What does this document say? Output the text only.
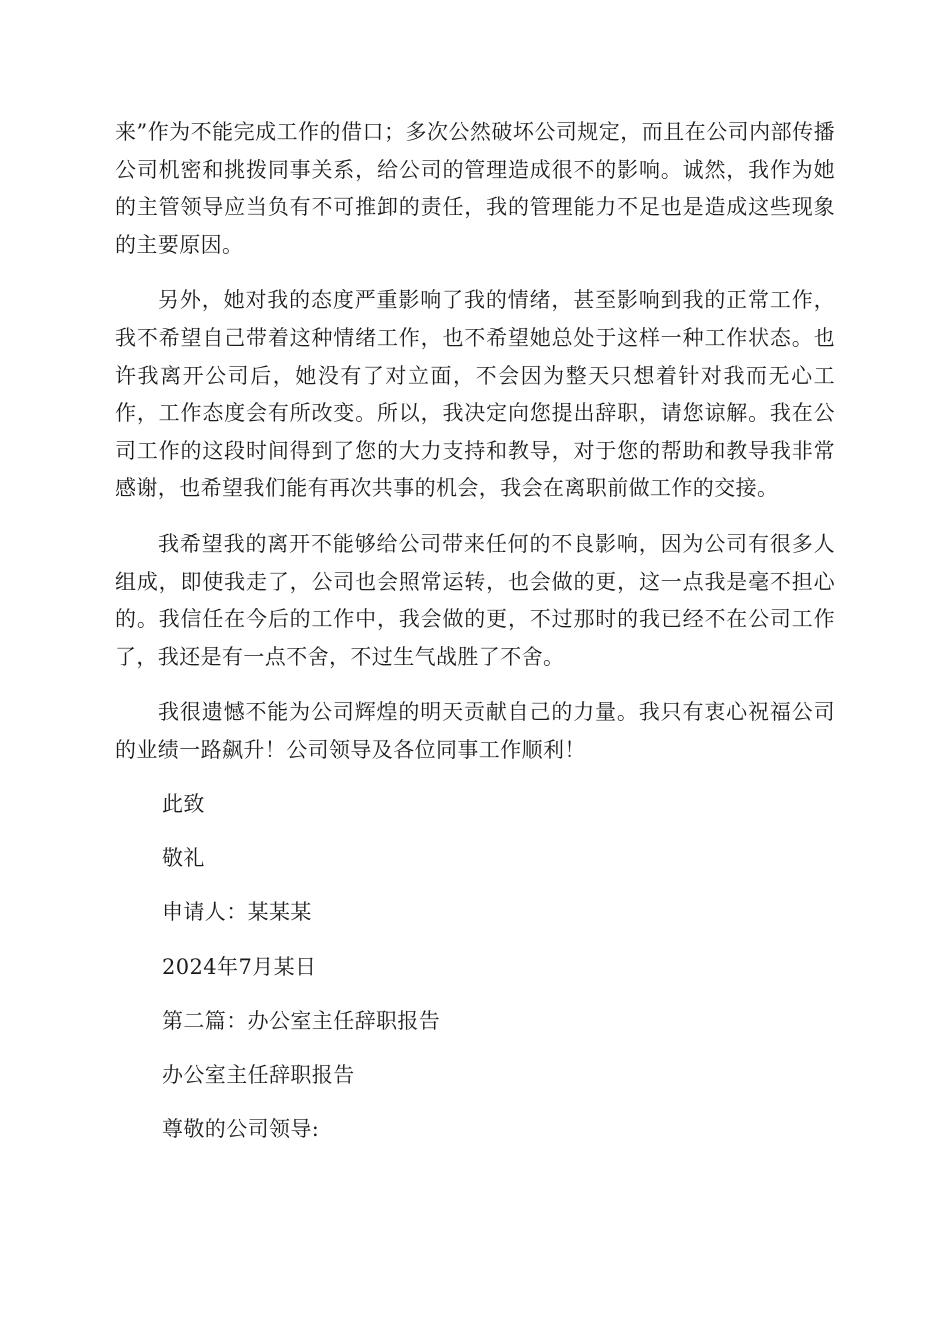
来”作为不能完成工作的借口；多次公然破坏公司规定，而且在公司内部传播公司机密和挑拨同事关系，给公司的管理造成很不的影响。诚然，我作为她的主管领导应当负有不可推卸的责任，我的管理能力不足也是造成这些现象的主要原因。

另外，她对我的态度严重影响了我的情绪，甚至影响到我的正常工作，我不希望自己带着这种情绪工作，也不希望她总处于这样一种工作状态。也许我离开公司后，她没有了对立面，不会因为整天只想着针对我而无心工作，工作态度会有所改变。所以，我决定向您提出辞职，请您谅解。我在公司工作的这段时间得到了您的大力支持和教导，对于您的帮助和教导我非常感谢，也希望我们能有再次共事的机会，我会在离职前做工作的交接。

我希望我的离开不能够给公司带来任何的不良影响，因为公司有很多人组成，即使我走了，公司也会照常运转，也会做的更，这一点我是毫不担心的。我信任在今后的工作中，我会做的更，不过那时的我已经不在公司工作了，我还是有一点不舍，不过生气战胜了不舍。

我很遗憾不能为公司辉煌的明天贡献自己的力量。我只有衷心祝福公司的业绩一路飙升！公司领导及各位同事工作顺利！

此致

敬礼

申请人：某某某

2024年7月某日

第二篇：办公室主任辞职报告

办公室主任辞职报告

尊敬的公司领导:
